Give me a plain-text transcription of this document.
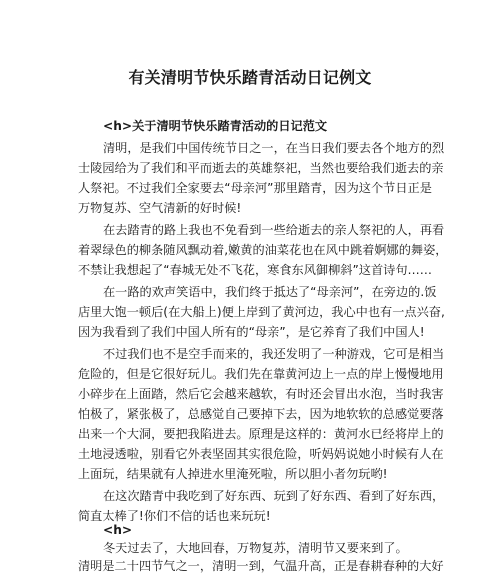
有关清明节快乐踏青活动日记例文
<h>关于清明节快乐踏青活动的日记范文
清明，是我们中国传统节日之一，在当日我们要去各个地方的烈
士陵园给为了我们和平而逝去的英雄祭祀，当然也要给我们逝去的亲
人祭祀。不过我们全家要去“母亲河”那里踏青，因为这个节日正是
万物复苏、空气清新的好时候!
在去踏青的路上我也不免看到一些给逝去的亲人祭祀的人，再看
着翠绿色的柳条随风飘动着,嫩黄的油菜花也在风中跳着婀娜的舞姿，
不禁让我想起了“春城无处不飞花，寒食东风御柳斜”这首诗句……
在一路的欢声笑语中，我们终于抵达了“母亲河”，在旁边的.饭
店里大饱一顿后(在大船上)便上岸到了黄河边，我心中也有一点兴奋,
因为我看到了我们中国人所有的“母亲”，是它养育了我们中国人!
不过我们也不是空手而来的，我还发明了一种游戏，它可是相当
危险的，但是它很好玩儿。我们先在靠黄河边上一点的岸上慢慢地用
小碎步在上面踏，然后它会越来越软，有时还会冒出水泡，当时我害
怕极了，紧张极了，总感觉自己要掉下去，因为地软软的总感觉要落
出来一个大洞，要把我陷进去。原理是这样的：黄河水已经将岸上的
土地浸透啦，别看它外表坚固其实很危险，听妈妈说她小时候有人在
上面玩，结果就有人掉进水里淹死啦，所以胆小者勿玩哟!
在这次踏青中我吃到了好东西、玩到了好东西、看到了好东西，
简直太棒了!你们不信的话也来玩玩!
<h>
冬天过去了，大地回春，万物复苏，清明节又要来到了。
清明是二十四节气之一，清明一到，气温升高，正是春耕春种的大好
